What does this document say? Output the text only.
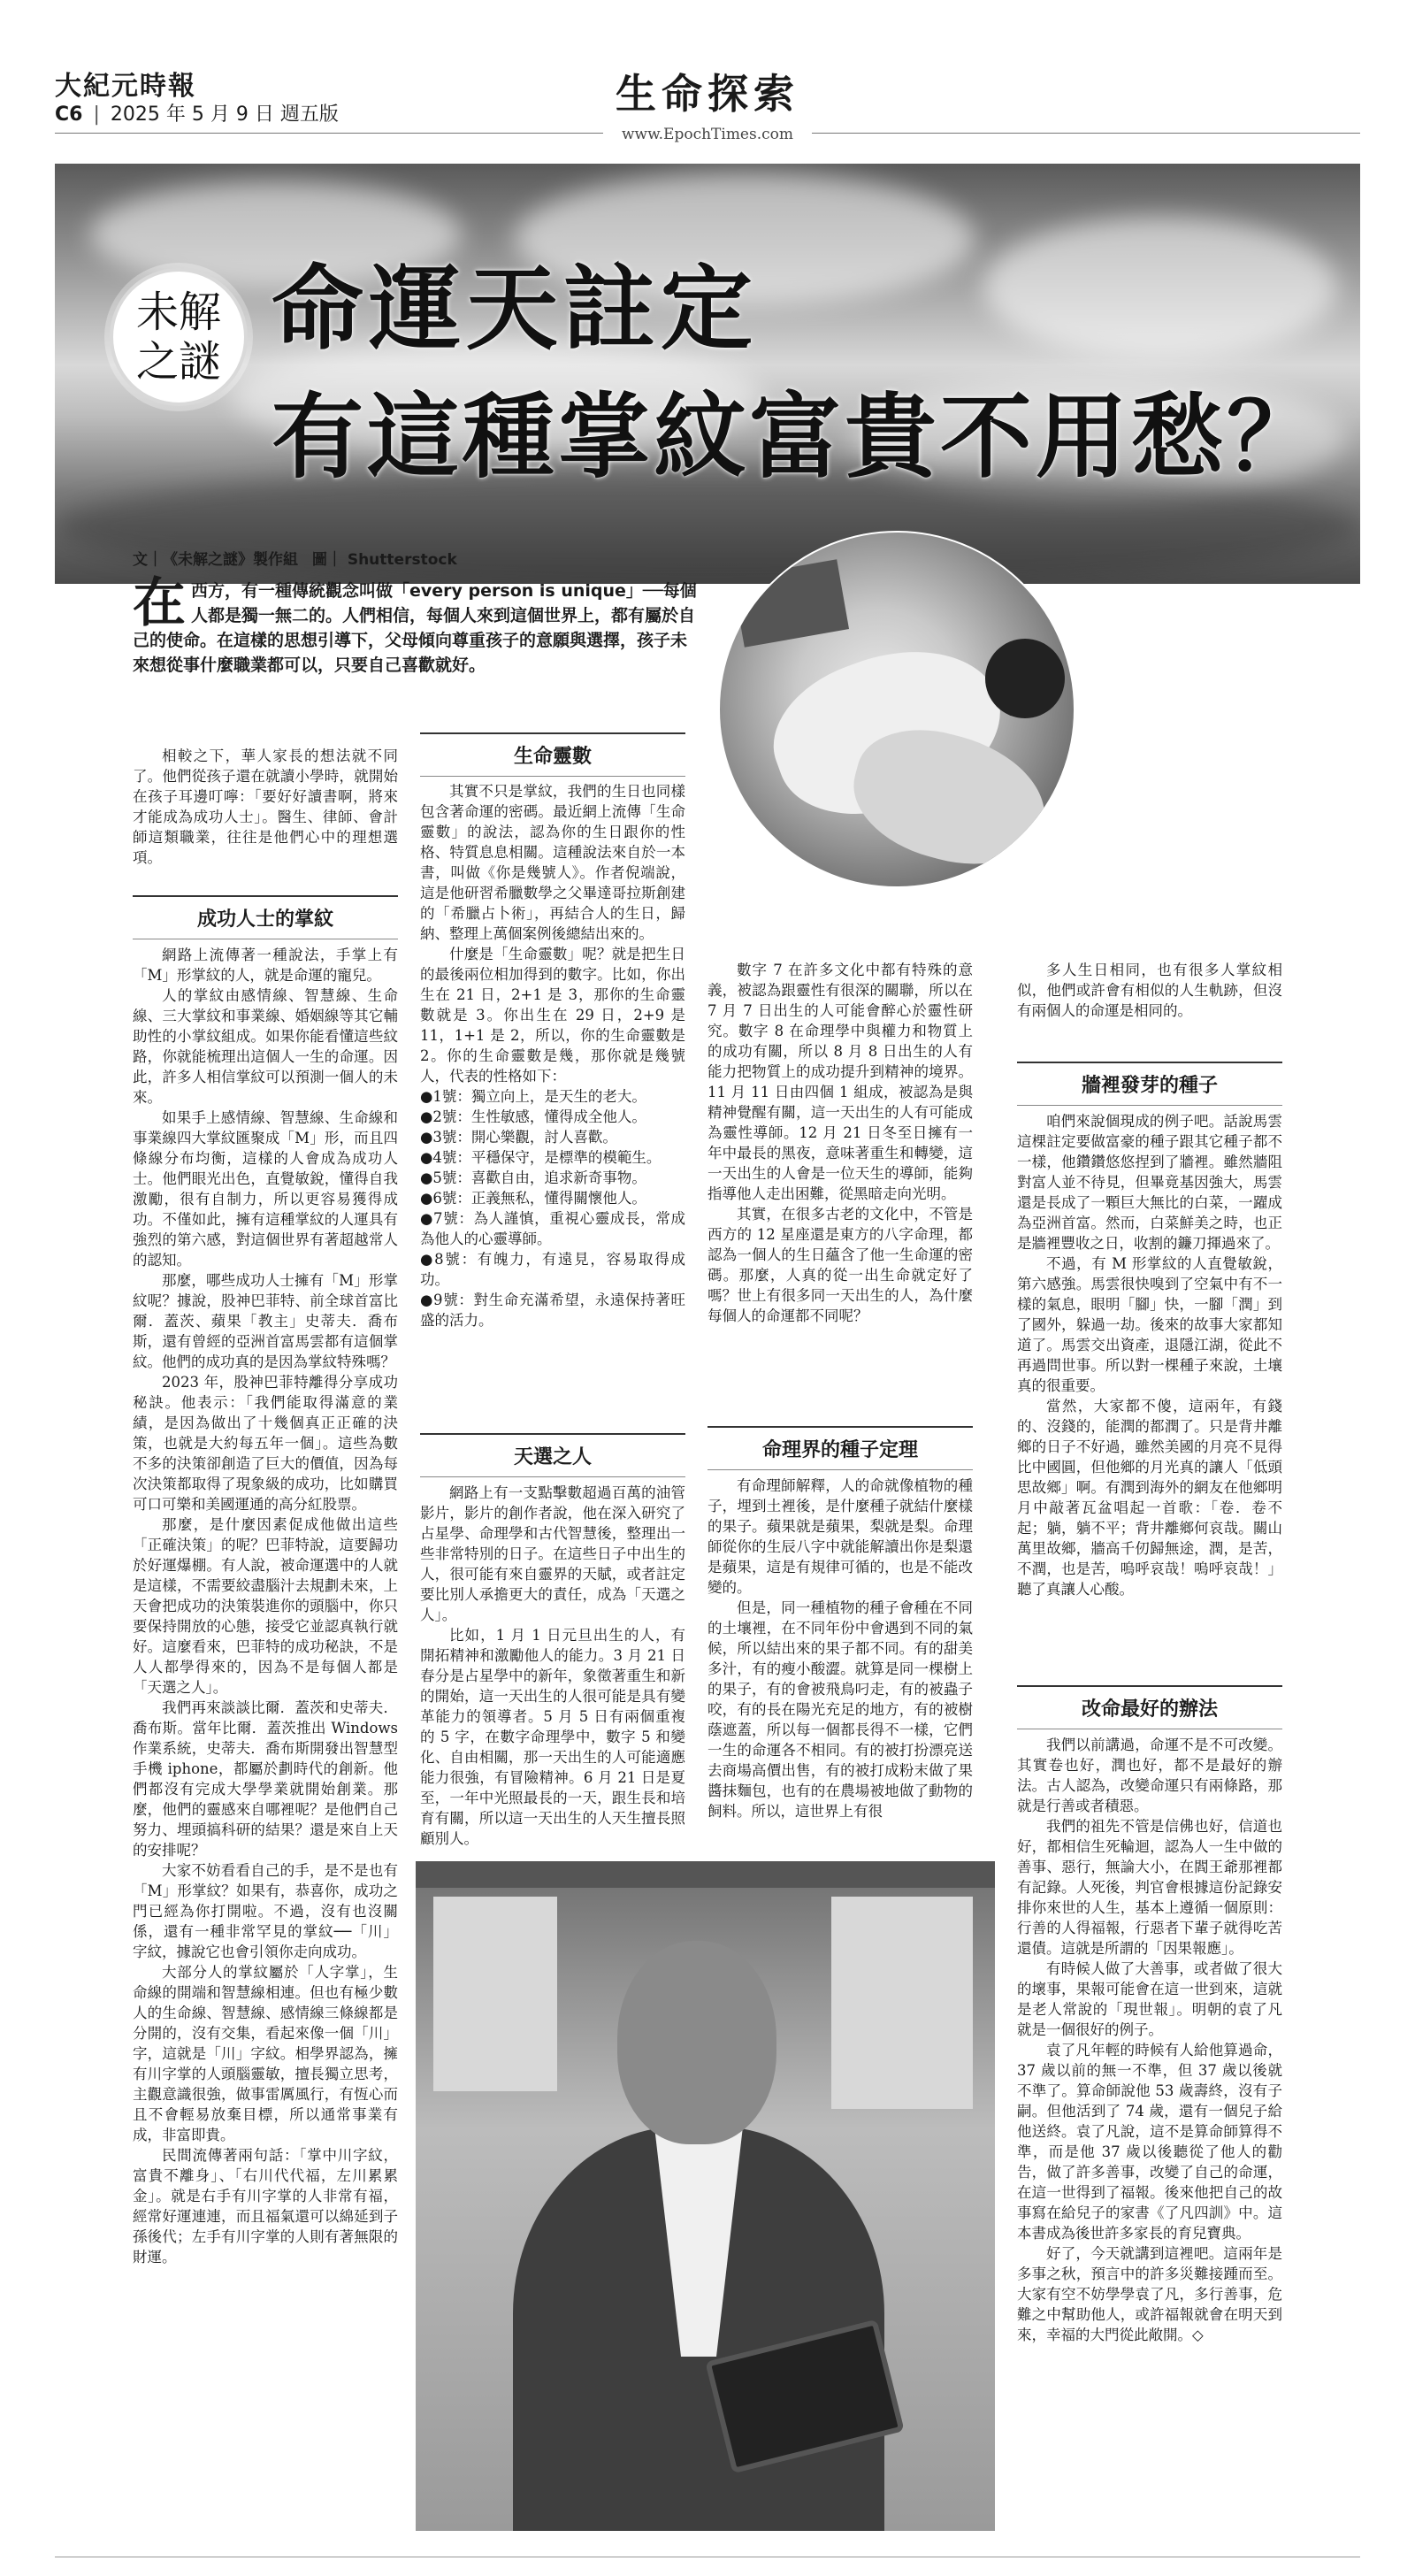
大紀元時報
C6 | 2025 年 5 月 9 日 週五版	生命探索
www.EpochTimes.com
未解
之謎 命運天註定
有這種掌紋富貴不用愁？
文｜《未解之謎》製作組 圖｜ Shutterstock
在西方，有一種傳統觀念叫做「every person is unique」──每個人都是獨一無二的。人們相信，每個人來到這個世界上，都有屬於自己的使命。在這樣的思想引導下，父母傾向尊重孩子的意願與選擇，孩子未來想從事什麼職業都可以，只要自己喜歡就好。

相較之下，華人家長的想法就不同了。他們從孩子還在就讀小學時，就開始在孩子耳邊叮嚀：「要好好讀書啊，將來才能成為成功人士」。醫生、律師、會計師這類職業，往往是他們心中的理想選項。

成功人士的掌紋

網路上流傳著一種說法，手掌上有「M」形掌紋的人，就是命運的寵兒。

人的掌紋由感情線、智慧線、生命線、三大掌紋和事業線、婚姻線等其它輔助性的小掌紋組成。如果你能看懂這些紋路，你就能梳理出這個人一生的命運。因此，許多人相信掌紋可以預測一個人的未來。

如果手上感情線、智慧線、生命線和事業線四大掌紋匯聚成「M」形，而且四條線分布均衡，這樣的人會成為成功人士。他們眼光出色，直覺敏銳，懂得自我激勵，很有自制力，所以更容易獲得成功。不僅如此，擁有這種掌紋的人運具有強烈的第六感，對這個世界有著超越常人的認知。

那麼，哪些成功人士擁有「M」形掌紋呢？據說，股神巴菲特、前全球首富比爾．蓋茨、蘋果「教主」史蒂夫．喬布斯，還有曾經的亞洲首富馬雲都有這個掌紋。他們的成功真的是因為掌紋特殊嗎？

2023 年，股神巴菲特離得分享成功秘訣。他表示：「我們能取得滿意的業績，是因為做出了十幾個真正正確的決策，也就是大約每五年一個」。這些為數不多的決策卻創造了巨大的價值，因為每次決策都取得了現象級的成功，比如購買可口可樂和美國運通的高分紅股票。

那麼，是什麼因素促成他做出這些「正確決策」的呢？巴菲特說，這要歸功於好運爆棚。有人說，被命運選中的人就是這樣，不需要絞盡腦汁去規劃未來，上天會把成功的決策裝進你的頭腦中，你只要保持開放的心態，接受它並認真執行就好。這麼看來，巴菲特的成功秘訣，不是人人都學得來的，因為不是每個人都是「天選之人」。

我們再來談談比爾．蓋茨和史蒂夫．喬布斯。當年比爾．蓋茨推出 Windows 作業系統，史蒂夫．喬布斯開發出智慧型手機 iphone，都屬於劃時代的創新。他們都沒有完成大學學業就開始創業。那麼，他們的靈感來自哪裡呢？是他們自己努力、埋頭搞科研的結果？還是來自上天的安排呢？

大家不妨看看自己的手，是不是也有「M」形掌紋？如果有，恭喜你，成功之門已經為你打開啦。不過，沒有也沒關係，還有一種非常罕見的掌紋──「川」字紋，據說它也會引領你走向成功。

大部分人的掌紋屬於「人字掌」，生命線的開端和智慧線相連。但也有極少數人的生命線、智慧線、感情線三條線都是分開的，沒有交集，看起來像一個「川」字，這就是「川」字紋。相學界認為，擁有川字掌的人頭腦靈敏，擅長獨立思考，主觀意識很強，做事雷厲風行，有恆心而且不會輕易放棄目標，所以通常事業有成，非富即貴。

民間流傳著兩句話：「掌中川字紋，富貴不離身」、「右川代代福，左川累累金」。就是右手有川字掌的人非常有福，經常好運連連，而且福氣還可以綿延到子孫後代；左手有川字掌的人則有著無限的財運。

生命靈數

其實不只是掌紋，我們的生日也同樣包含著命運的密碼。最近網上流傳「生命靈數」的說法，認為你的生日跟你的性格、特質息息相關。這種說法來自於一本書，叫做《你是幾號人》。作者倪端說，這是他研習希臘數學之父畢達哥拉斯創建的「希臘占卜術」，再結合人的生日，歸納、整理上萬個案例後總結出來的。

什麼是「生命靈數」呢？就是把生日的最後兩位相加得到的數字。比如，你出生在 21 日，2+1 是 3，那你的生命靈數就是 3。你出生在 29 日，2+9 是 11，1+1 是 2，所以，你的生命靈數是 2。你的生命靈數是幾，那你就是幾號人，代表的性格如下：

●1號：獨立向上，是天生的老大。
●2號：生性敏感，懂得成全他人。
●3號：開心樂觀，討人喜歡。
●4號：平穩保守，是標準的模範生。
●5號：喜歡自由，追求新奇事物。
●6號：正義無私，懂得關懷他人。
●7號：為人謹慎，重視心靈成長，常成為他人的心靈導師。
●8號：有魄力，有遠見，容易取得成功。
●9號：對生命充滿希望，永遠保持著旺盛的活力。
天選之人

網路上有一支點擊數超過百萬的油管影片，影片的創作者說，他在深入研究了占星學、命理學和古代智慧後，整理出一些非常特別的日子。在這些日子中出生的人，很可能有來自靈界的天賦，或者註定要比別人承擔更大的責任，成為「天選之人」。

比如，1 月 1 日元旦出生的人，有開拓精神和激勵他人的能力。3 月 21 日春分是占星學中的新年，象徵著重生和新的開始，這一天出生的人很可能是具有變革能力的領導者。5 月 5 日有兩個重複的 5 字，在數字命理學中，數字 5 和變化、自由相關，那一天出生的人可能適應能力很強，有冒險精神。6 月 21 日是夏至，一年中光照最長的一天，跟生長和培育有關，所以這一天出生的人天生擅長照顧別人。

數字 7 在許多文化中都有特殊的意義，被認為跟靈性有很深的關聯，所以在 7 月 7 日出生的人可能會醉心於靈性研究。數字 8 在命理學中與權力和物質上的成功有關，所以 8 月 8 日出生的人有能力把物質上的成功提升到精神的境界。11 月 11 日由四個 1 組成，被認為是與精神覺醒有關，這一天出生的人有可能成為靈性導師。12 月 21 日冬至日擁有一年中最長的黑夜，意味著重生和轉變，這一天出生的人會是一位天生的導師，能夠指導他人走出困難，從黑暗走向光明。

其實，在很多古老的文化中，不管是西方的 12 星座還是東方的八字命理，都認為一個人的生日蘊含了他一生命運的密碼。那麼，人真的從一出生命就定好了嗎？世上有很多同一天出生的人，為什麼每個人的命運都不同呢？

命理界的種子定理

有命理師解釋，人的命就像植物的種子，埋到土裡後，是什麼種子就結什麼樣的果子。蘋果就是蘋果，梨就是梨。命理師從你的生辰八字中就能解讀出你是梨還是蘋果，這是有規律可循的，也是不能改變的。

但是，同一種植物的種子會種在不同的土壤裡，在不同年份中會遇到不同的氣候，所以結出來的果子都不同。有的甜美多汁，有的瘦小酸澀。就算是同一棵樹上的果子，有的會被飛鳥叼走，有的被蟲子咬，有的長在陽光充足的地方，有的被樹蔭遮蓋，所以每一個都長得不一樣，它們一生的命運各不相同。有的被打扮漂亮送去商場高價出售，有的被打成粉末做了果醬抹麵包，也有的在農場被地做了動物的飼料。所以，這世界上有很

多人生日相同，也有很多人掌紋相似，他們或許會有相似的人生軌跡，但沒有兩個人的命運是相同的。

牆裡發芽的種子

咱們來說個現成的例子吧。話說馬雲這棵註定要做富豪的種子跟其它種子都不一樣，他鑽鑽悠悠捏到了牆裡。雖然牆阻對富人並不待見，但畢竟基因強大，馬雲還是長成了一顆巨大無比的白菜，一躍成為亞洲首富。然而，白菜鮮美之時，也正是牆裡豐收之日，收割的鐮刀揮過來了。

不過，有 M 形掌紋的人直覺敏銳，第六感強。馬雲很快嗅到了空氣中有不一樣的氣息，眼明「腳」快，一腳「潤」到了國外，躲過一劫。後來的故事大家都知道了。馬雲交出資產，退隱江湖，從此不再過問世事。所以對一棵種子來說，土壤真的很重要。

當然，大家都不傻，這兩年，有錢的、沒錢的，能潤的都潤了。只是背井離鄉的日子不好過，雖然美國的月亮不見得比中國圓，但他鄉的月光真的讓人「低頭思故鄉」啊。有潤到海外的網友在他鄉明月中敲著瓦盆唱起一首歌：「卷．卷不起；躺，躺不平；背井離鄉何哀哉。關山萬里故鄉，牆高千仞歸無途，潤，是苦，不潤，也是苦，嗚呼哀哉！嗚呼哀哉！」聽了真讓人心酸。

改命最好的辦法

我們以前講過，命運不是不可改變。其實卷也好，潤也好，都不是最好的辦法。古人認為，改變命運只有兩條路，那就是行善或者積惡。

我們的祖先不管是信佛也好，信道也好，都相信生死輪迴，認為人一生中做的善事、惡行，無論大小，在閻王爺那裡都有記錄。人死後，判官會根據這份記錄安排你來世的人生，基本上遵循一個原則：行善的人得福報，行惡者下輩子就得吃苦還債。這就是所謂的「因果報應」。

有時候人做了大善事，或者做了很大的壞事，果報可能會在這一世到來，這就是老人常說的「現世報」。明朝的袁了凡就是一個很好的例子。

袁了凡年輕的時候有人給他算過命，37 歲以前的無一不準，但 37 歲以後就不準了。算命師說他 53 歲壽終，沒有子嗣。但他活到了 74 歲，還有一個兒子給他送終。袁了凡說，這不是算命師算得不準，而是他 37 歲以後聽從了他人的勸告，做了許多善事，改變了自己的命運，在這一世得到了福報。後來他把自己的故事寫在給兒子的家書《了凡四訓》中。這本書成為後世許多家長的育兒寶典。

好了，今天就講到這裡吧。這兩年是多事之秋，預言中的許多災難接踵而至。大家有空不妨學學袁了凡，多行善事，危難之中幫助他人，或許福報就會在明天到來，幸福的大門從此敞開。◇
